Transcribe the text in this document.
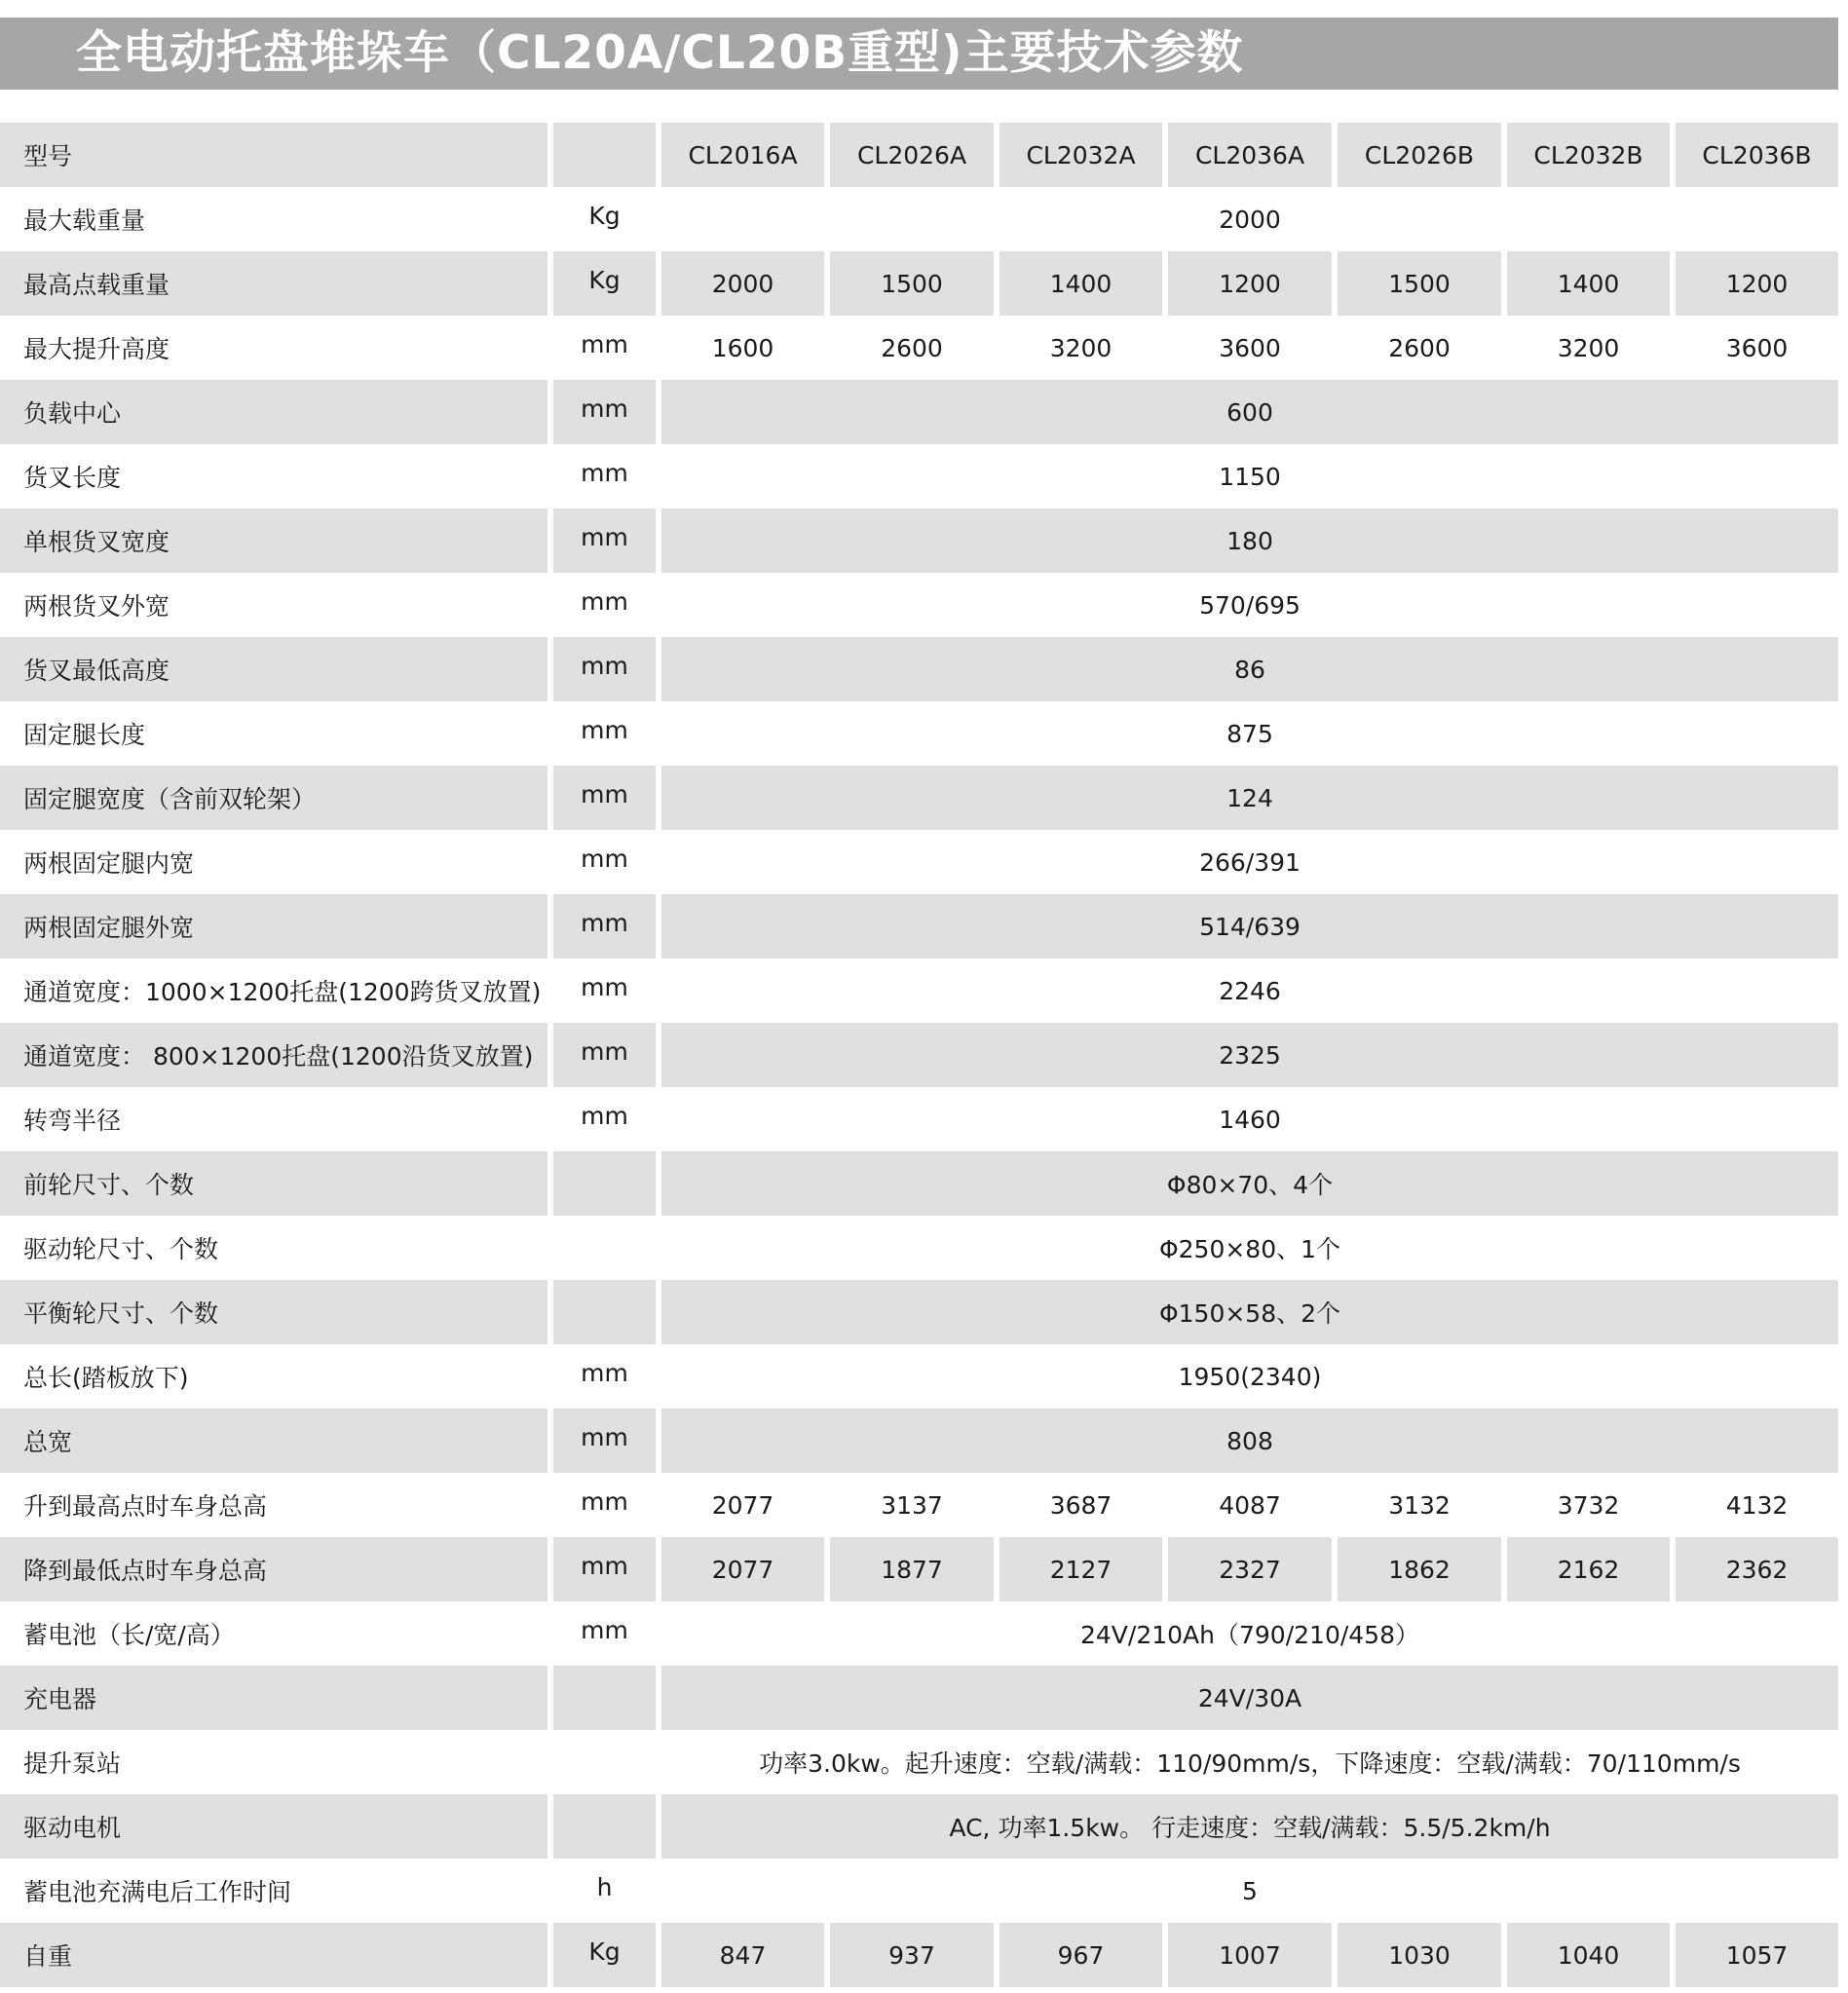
全电动托盘堆垛车（CL20A/CL20B重型)主要技术参数
型号		CL2016A	CL2026A	CL2032A	CL2036A	CL2026B	CL2032B	CL2036B
最大载重量	Kg	2000						
最高点载重量	Kg	2000	1500	1400	1200	1500	1400	1200
最大提升高度	mm	1600	2600	3200	3600	2600	3200	3600
负载中心	mm	600						
货叉长度	mm	1150						
单根货叉宽度	mm	180						
两根货叉外宽	mm	570/695						
货叉最低高度	mm	86						
固定腿长度	mm	875						
固定腿宽度（含前双轮架）	mm	124						
两根固定腿内宽	mm	266/391						
两根固定腿外宽	mm	514/639						
通道宽度：1000×1200托盘(1200跨货叉放置)	mm	2246						
通道宽度： 800×1200托盘(1200沿货叉放置)	mm	2325						
转弯半径	mm	1460						
前轮尺寸、个数		Φ80×70、4个						
驱动轮尺寸、个数		Φ250×80、1个						
平衡轮尺寸、个数		Φ150×58、2个						
总长(踏板放下)	mm	1950(2340)						
总宽	mm	808						
升到最高点时车身总高	mm	2077	3137	3687	4087	3132	3732	4132
降到最低点时车身总高	mm	2077	1877	2127	2327	1862	2162	2362
蓄电池（长/宽/高）	mm	24V/210Ah（790/210/458）						
充电器		24V/30A						
提升泵站		功率3.0kw。起升速度：空载/满载：110/90mm/s，下降速度：空载/满载：70/110mm/s						
驱动电机		AC, 功率1.5kw。 行走速度：空载/满载：5.5/5.2km/h						
蓄电池充满电后工作时间	h	5						
自重	Kg	847	937	967	1007	1030	1040	1057
